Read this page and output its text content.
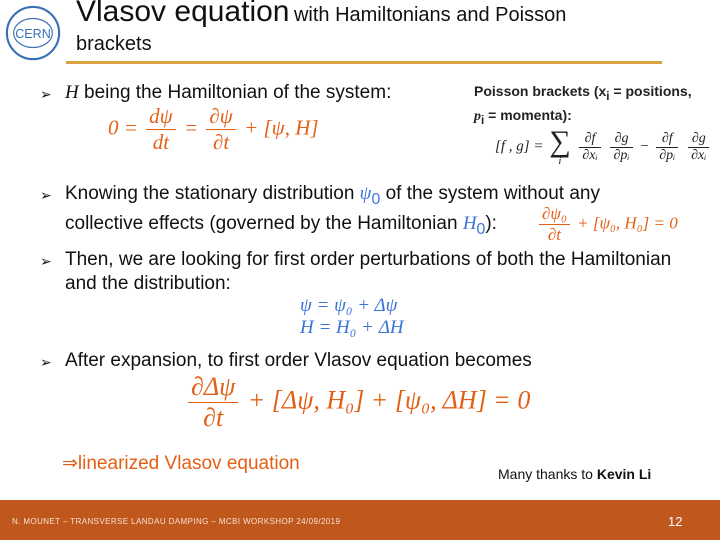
CERN
Vlasov equation with Hamiltonians and Poisson
brackets
➢ H being the Hamiltonian of the system:
$0 = \frac{d\psi}{dt} = \frac{\partial\psi}{\partial t} + [\psi$, H]
Poisson brackets ($x_i$ = positions,
$p_i$ = momenta):
[f , g] = ∑
i
	$\frac{\partial f}{\text{∂xᵢ}}$
$\frac{\partial g}{\text{∂pᵢ}} - \frac{\partial f}{\text{∂pᵢ}}$
$\frac{\partial g}{\text{∂xᵢ}}$
➢ Knowing the stationary distribution $\psi_0$ of the system without any
collective effects (governed by the Hamiltonian $H_0$):	$\frac{\text{∂ψ₀}}{\partial t} + [\psi_0$, H₀] = 0
➢ Then, we are looking for first order perturbations of both the Hamiltonian
and the distribution:
ψ = ψ₀ + Δψ
H = H₀ + ΔH
➢ After expansion, to first order Vlasov equation becomes
$\frac{\partial\Delta\psi}{\partial t} + [\Delta\psi$, H₀] + [ψ₀, ΔH] = 0
⇒linearized Vlasov equation	Many thanks to Kevin Li
N. MOUNET – TRANSVERSE LANDAU DAMPING – MCBI WORKSHOP 24/09/2019	12
